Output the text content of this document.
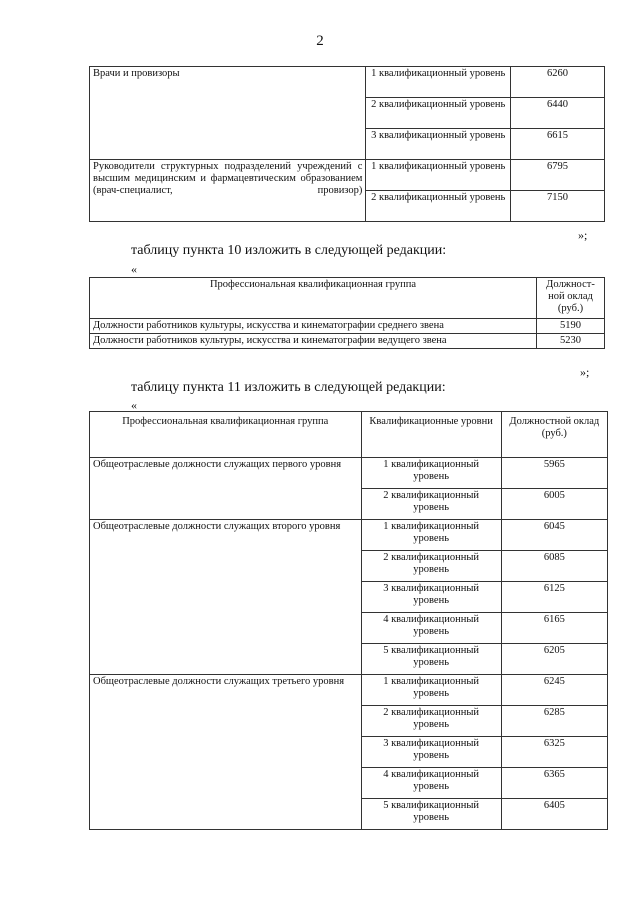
2
Врачи и провизоры	1 квалификационный уровень	6260
	2 квалификационный уровень	6440
	3 квалификационный уровень	6615
Руководители структурных подразделений учреждений с высшим медицинским и фармацевтическим образованием (врач-специалист, провизор)	1 квалификационный уровень	6795
	2 квалификационный уровень	7150
»;
таблицу пункта 10 изложить в следующей редакции:
«
Профессиональная квалификационная группа	Должност-ной оклад (руб.)
Должности работников культуры, искусства и кинематографии среднего звена	5190
Должности работников культуры, искусства и кинематографии ведущего звена	5230
»;
таблицу пункта 11 изложить в следующей редакции:
«
Профессиональная квалификационная группа	Квалификационные уровни	Должностной оклад (руб.)
Общеотраслевые должности служащих первого уровня	1 квалификационный уровень	5965
	2 квалификационный уровень	6005
Общеотраслевые должности служащих второго уровня	1 квалификационный уровень	6045
	2 квалификационный уровень	6085
	3 квалификационный уровень	6125
	4 квалификационный уровень	6165
	5 квалификационный уровень	6205
Общеотраслевые должности служащих третьего уровня	1 квалификационный уровень	6245
	2 квалификационный уровень	6285
	3 квалификационный уровень	6325
	4 квалификационный уровень	6365
	5 квалификационный уровень	6405
